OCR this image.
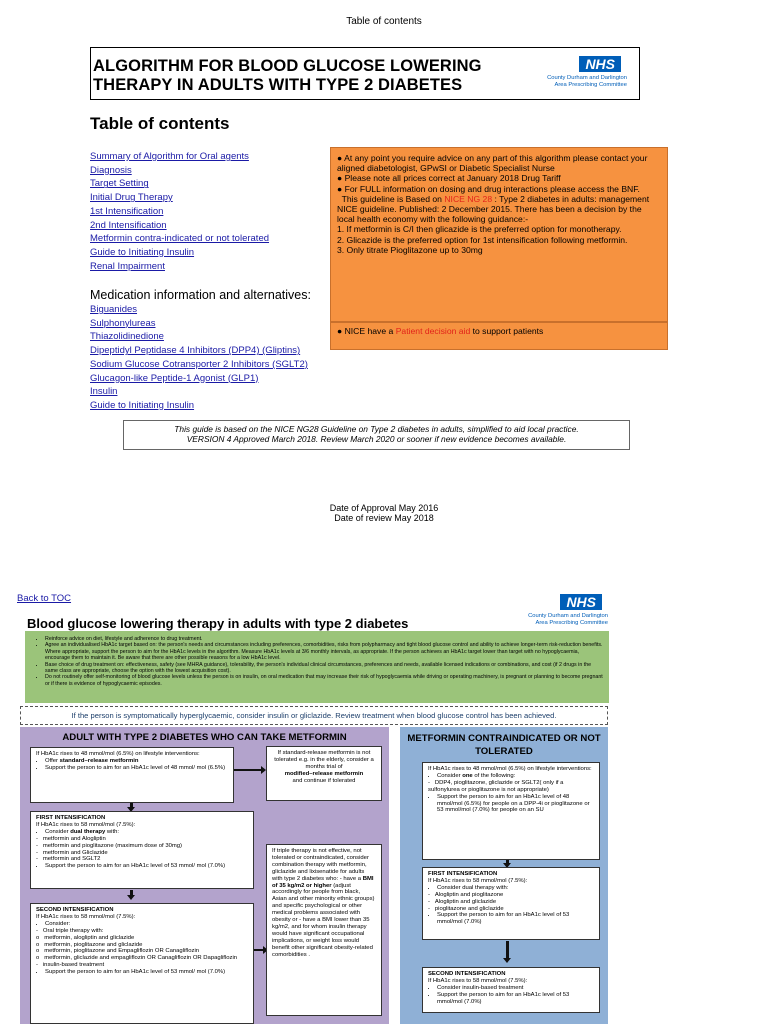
Table of contents
ALGORITHM FOR BLOOD GLUCOSE LOWERING
THERAPY IN ADULTS WITH TYPE 2 DIABETES
NHS
County Durham and Darlington
Area Prescribing Committee
Table of contents
Summary of Algorithm for Oral agents
Diagnosis
Target Setting
Initial Drug Therapy
1st Intensification
2nd Intensification
Metformin contra-indicated or not tolerated
Guide to Initiating Insulin
Renal Impairment
Medication information and alternatives:
Biguanides
Sulphonylureas
Thiazolidinedione
Dipeptidyl Peptidase 4 Inhibitors (DPP4) (Gliptins)
Sodium Glucose Cotransporter 2 Inhibitors (SGLT2)
Glucagon-like Peptide-1 Agonist (GLP1)
Insulin
Guide to Initiating Insulin
● At any point you require advice on any part of this algorithm please contact your aligned diabetologist, GPwSI or Diabetic Specialist Nurse
● Please note all prices correct at January 2018 Drug Tariff
● For FULL information on dosing and drug interactions please access the BNF.
This guideline is Based on NICE NG 28 : Type 2 diabetes in adults: management
NICE guideline. Published: 2 December 2015. There has been a decision by the local health economy with the following guidance:-
1. If metformin is C/I then glicazide is the preferred option for monotherapy.
2. Glicazide is the preferred option for 1st intensification following metformin.
3. Only titrate Pioglitazone up to 30mg
● NICE have a Patient decision aid to support patients
This guide is based on the NICE NG28 Guideline on Type 2 diabetes in adults, simplified to aid local practice.
VERSION 4 Approved March 2018. Review March 2020 or sooner if new evidence becomes available.
Date of Approval May 2016
Date of review May 2018
Back to TOC	NHS
County Durham and Darlington
Area Prescribing Committee
Blood glucose lowering therapy in adults with type 2 diabetes
• Reinforce advice on diet, lifestyle and adherence to drug treatment.
• Agree an individualised HbA1c target based on: the person's needs and circumstances including preferences, comorbidities, risks from polypharmacy and tight blood glucose control and ability to achieve longer-term risk-reduction benefits. Where appropriate, support the person to aim for the HbA1c levels in the algorithm. Measure HbA1c levels at 3/6 monthly intervals, as appropriate. If the person achieves an HbA1c target lower than target with no hypoglycaemia, encourage them to maintain it. Be aware that there are other possible reasons for a low HbA1c level.
• Base choice of drug treatment on: effectiveness, safety (see MHRA guidance), tolerability, the person's individual clinical circumstances, preferences and needs, available licensed indications or combinations, and cost (if 2 drugs in the same class are appropriate, choose the option with the lowest acquisition cost).
• Do not routinely offer self-monitoring of blood glucose levels unless the person is on insulin, on oral medication that may increase their risk of hypoglycaemia while driving or operating machinery, is pregnant or planning to become pregnant or if there is evidence of hypoglycaemic episodes.
If the person is symptomatically hyperglycaemic, consider insulin or gliclazide. Review treatment when blood glucose control has been achieved.
ADULT WITH TYPE 2 DIABETES WHO CAN TAKE METFORMIN
If HbA1c rises to 48 mmol/mol (6.5%) on lifestyle interventions:
• Offer standard–release metformin
• Support the person to aim for an HbA1c level of 48 mmol/ mol (6.5%)
If standard-release metformin is not tolerated e.g. in the elderly, consider a months trial of
modified–release metformin
and continue if tolerated
FIRST INTENSIFICATION
If HbA1c rises to 58 mmol/mol (7.5%):
• Consider dual therapy with:
-   metformin and Alogliptin
-   metformin and pioglitazone (maximum dose of 30mg)
-   metformin and Gliclazide
-   metformin and SGLT2
• Support the person to aim for an HbA1c level of 53 mmol/ mol (7.0%)
SECOND INTENSIFICATION
If HbA1c rises to 58 mmol/mol (7.5%):
• Consider:
-   Oral triple therapy with:
o   metformin, alogliptin and gliclazide
o   metformin, pioglitazone and gliclazide
o   metformin, pioglitazone and Empagliflozin OR Canagliflozin
o   metformin, gliclazide and empagliflozin OR Canagliflozin OR Dapagliflozin
-   insulin-based treatment
• Support the person to aim for an HbA1c level of 53 mmol/ mol (7.0%)
If triple therapy is not effective, not tolerated or contraindicated, consider combination therapy with metformin, gliclazide and lixisenatide for adults with type 2 diabetes who: - have a BMI of 35 kg/m2 or higher (adjust accordingly for people from black, Asian and other minority ethnic groups) and specific psychological or other medical problems associated with obesity or - have a BMI lower than 35 kg/m2, and for whom insulin therapy would have significant occupational implications, or weight loss would benefit other significant obesity-related comorbidities .
METFORMIN CONTRAINDICATED OR NOT TOLERATED
If HbA1c rises to 48 mmol/mol (6.5%) on lifestyle interventions:
• Consider one of the following:
-   DDP4, pioglitazone, gliclazide or SGLT2( only if a sulfonylurea or pioglitazone is not appropriate)
• Support the person to aim for an HbA1c level of 48 mmol/mol (6.5%) for people on a DPP-4i or pioglitazone or 53 mmol/mol (7.0%) for people on an SU
FIRST INTENSIFICATION
If HbA1c rises to 58 mmol/mol (7.5%):
• Consider dual therapy with:
-   Alogliptin and pioglitazone
-   Alogliptin and gliclazide
-   pioglitazone and gliclazide
• Support the person to aim for an HbA1c level of 53 mmol/mol (7.0%)
SECOND INTENSIFICATION
If HbA1c rises to 58 mmol/mol (7.5%):
• Consider insulin-based treatment
• Support the person to aim for an HbA1c level of 53 mmol/mol (7.0%)
